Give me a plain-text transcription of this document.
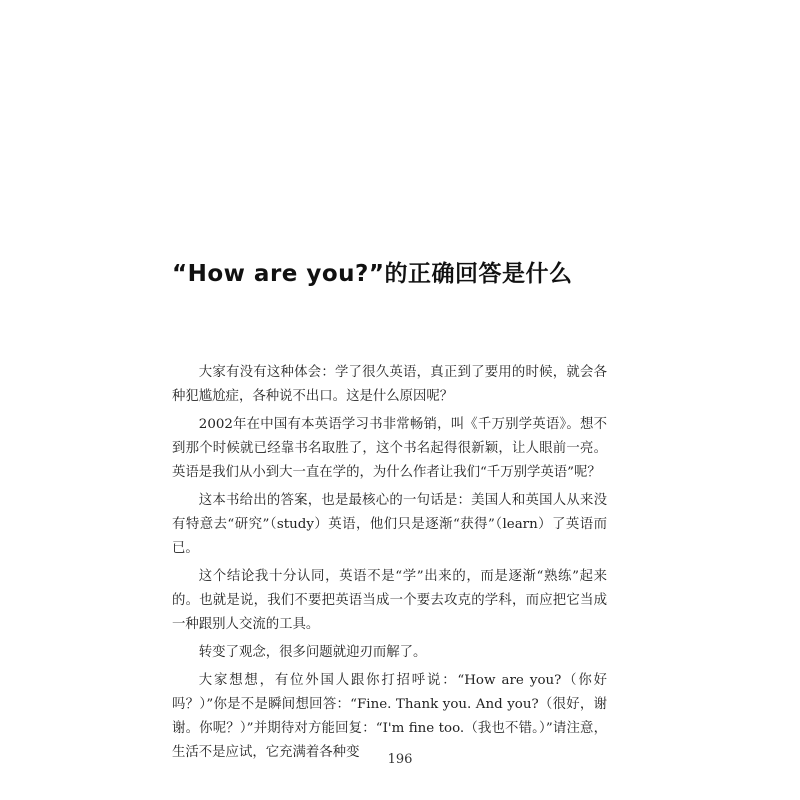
“How are you?”的正确回答是什么

大家有没有这种体会：学了很久英语，真正到了要用的时候，就会各种犯尴尬症，各种说不出口。这是什么原因呢？

2002年在中国有本英语学习书非常畅销，叫《千万别学英语》。想不到那个时候就已经靠书名取胜了，这个书名起得很新颖，让人眼前一亮。英语是我们从小到大一直在学的，为什么作者让我们“千万别学英语”呢？

这本书给出的答案，也是最核心的一句话是：美国人和英国人从来没有特意去“研究”（study）英语，他们只是逐渐“获得”（learn）了英语而已。

这个结论我十分认同，英语不是“学”出来的，而是逐渐“熟练”起来的。也就是说，我们不要把英语当成一个要去攻克的学科，而应把它当成一种跟别人交流的工具。

转变了观念，很多问题就迎刃而解了。

大家想想，有位外国人跟你打招呼说：“How are you?（你好吗？）”你是不是瞬间想回答：“Fine. Thank you. And you?（很好，谢谢。你呢？）”并期待对方能回复：“I'm fine too.（我也不错。）”请注意，生活不是应试，它充满着各种变	196
